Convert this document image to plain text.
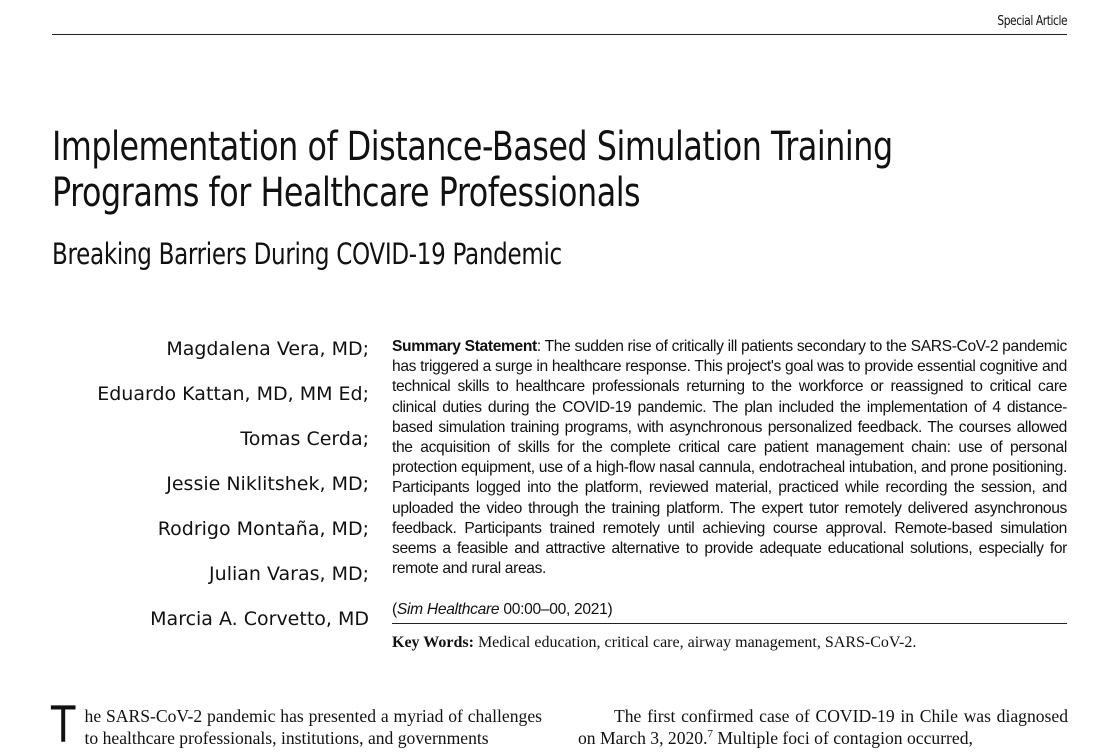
Special Article
Implementation of Distance-Based Simulation Training Programs for Healthcare Professionals
Breaking Barriers During COVID-19 Pandemic
Magdalena Vera, MD;
Eduardo Kattan, MD, MM Ed;
Tomas Cerda;
Jessie Niklitshek, MD;
Rodrigo Montaña, MD;
Julian Varas, MD;
Marcia A. Corvetto, MD

Summary Statement: The sudden rise of critically ill patients secondary to the SARS-CoV-2 pandemic has triggered a surge in healthcare response. This project's goal was to provide essential cognitive and technical skills to healthcare professionals returning to the workforce or reassigned to critical care clinical duties during the COVID-19 pandemic. The plan included the implementation of 4 distance-based simulation training programs, with asynchronous personalized feedback. The courses allowed the acquisition of skills for the complete critical care patient management chain: use of personal protection equipment, use of a high-flow nasal cannula, endotracheal intubation, and prone positioning. Participants logged into the platform, reviewed material, practiced while recording the session, and uploaded the video through the training platform. The expert tutor remotely delivered asynchronous feedback. Participants trained remotely until achieving course approval. Remote-based simulation seems a feasible and attractive alternative to provide adequate educational solutions, especially for remote and rural areas.

(Sim Healthcare 00:00–00, 2021)

Key Words: Medical education, critical care, airway management, SARS-CoV-2.

The SARS-CoV-2 pandemic has presented a myriad of challenges to healthcare professionals, institutions, and governments

The first confirmed case of COVID-19 in Chile was diagnosed on March 3, 2020.$^7$ Multiple foci of contagion occurred,
